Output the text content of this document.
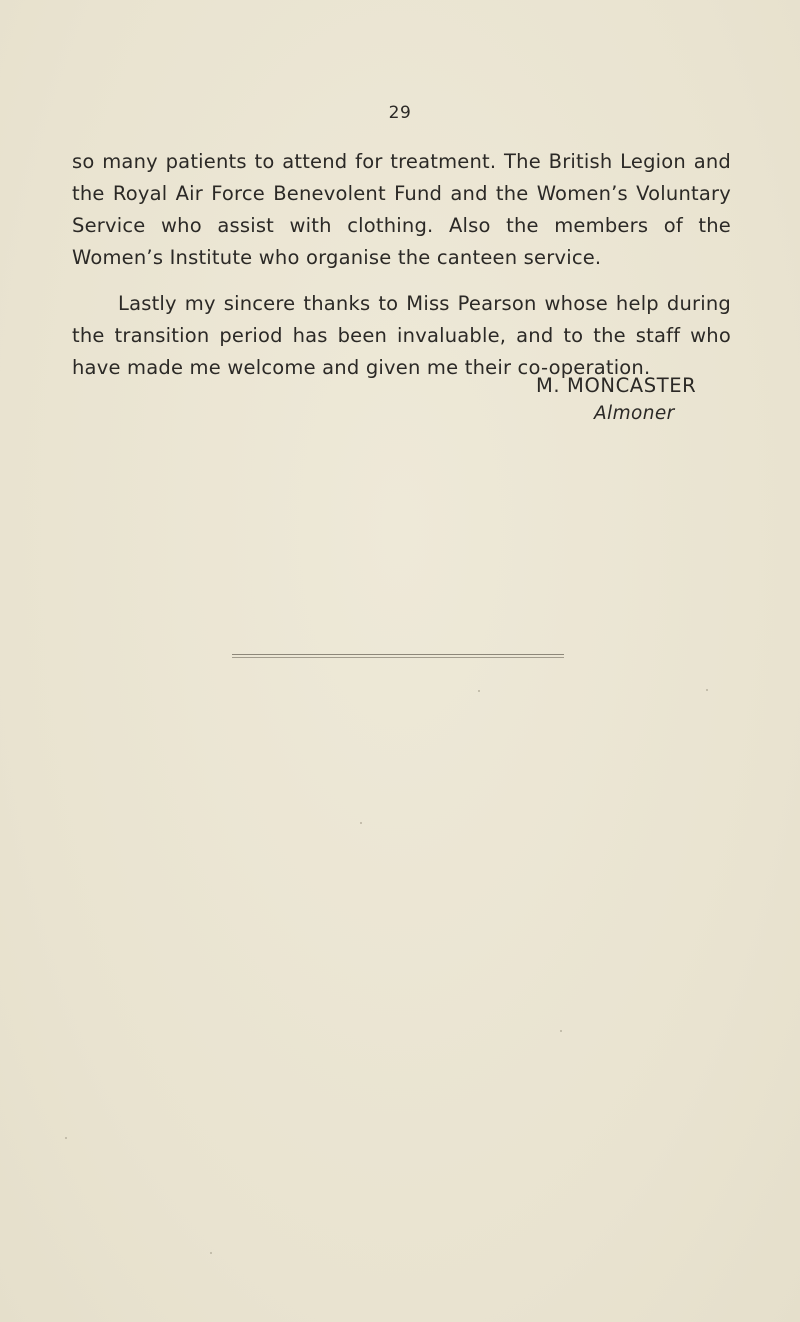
29

so many patients to attend for treatment. The British Legion and the Royal Air Force Benevolent Fund and the Women’s Voluntary Service who assist with clothing. Also the members of the Women’s Institute who organise the canteen service.

Lastly my sincere thanks to Miss Pearson whose help during the transition period has been invaluable, and to the staff who have made me welcome and given me their co-operation.

M. MONCASTER
Almoner
